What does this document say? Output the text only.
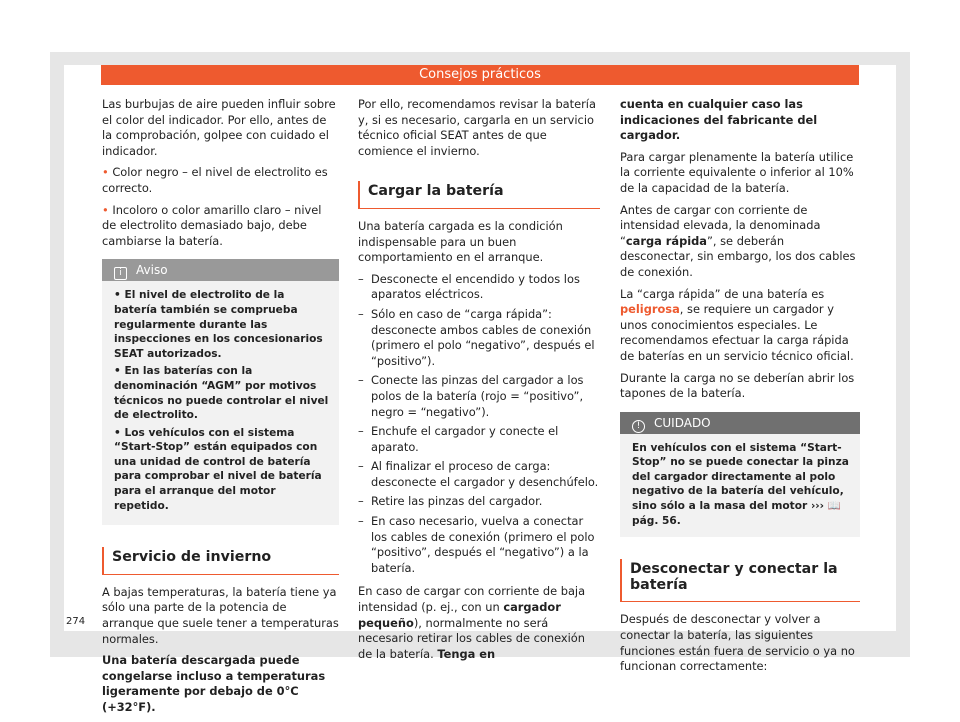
Consejos prácticos

Las burbujas de aire pueden influir sobre el color del indicador. Por ello, antes de la comprobación, golpee con cuidado el indicador.

• Color negro – el nivel de electrolito es correcto.

• Incoloro o color amarillo claro – nivel de electrolito demasiado bajo, debe cambiarse la batería.

i Aviso

• El nivel de electrolito de la batería también se comprueba regularmente durante las inspecciones en los concesionarios SEAT autorizados.

• En las baterías con la denominación “AGM” por motivos técnicos no puede controlar el nivel de electrolito.

• Los vehículos con el sistema “Start-Stop” están equipados con una unidad de control de batería para comprobar el nivel de batería para el arranque del motor repetido.

Servicio de invierno

A bajas temperaturas, la batería tiene ya sólo una parte de la potencia de arranque que suele tener a temperaturas normales.

Una batería descargada puede congelarse incluso a temperaturas ligeramente por debajo de 0°C (+32°F).

Por ello, recomendamos revisar la batería y, si es necesario, cargarla en un servicio técnico oficial SEAT antes de que comience el invierno.

Cargar la batería

Una batería cargada es la condición indispensable para un buen comportamiento en el arranque.

– Desconecte el encendido y todos los aparatos eléctricos.
– Sólo en caso de “carga rápida”: desconecte ambos cables de conexión (primero el polo “negativo”, después el “positivo”).
– Conecte las pinzas del cargador a los polos de la batería (rojo = “positivo”, negro = “negativo”).
– Enchufe el cargador y conecte el aparato.
– Al finalizar el proceso de carga: desconecte el cargador y desenchúfelo.
– Retire las pinzas del cargador.
– En caso necesario, vuelva a conectar los cables de conexión (primero el polo “positivo”, después el “negativo”) a la batería.

En caso de cargar con corriente de baja intensidad (p. ej., con un cargador pequeño), normalmente no será necesario retirar los cables de conexión de la batería. Tenga en

cuenta en cualquier caso las indicaciones del fabricante del cargador.

Para cargar plenamente la batería utilice la corriente equivalente o inferior al 10% de la capacidad de la batería.

Antes de cargar con corriente de intensidad elevada, la denominada “carga rápida”, se deberán desconectar, sin embargo, los dos cables de conexión.

La “carga rápida” de una batería es peligrosa, se requiere un cargador y unos conocimientos especiales. Le recomendamos efectuar la carga rápida de baterías en un servicio técnico oficial.

Durante la carga no se deberían abrir los tapones de la batería.

! CUIDADO
En vehículos con el sistema “Start-Stop” no se puede conectar la pinza del cargador directamente al polo negativo de la batería del vehículo, sino sólo a la masa del motor ››› 📖 pág. 56.
Desconectar y conectar la batería

Después de desconectar y volver a conectar la batería, las siguientes funciones están fuera de servicio o ya no funcionan correctamente:

274
